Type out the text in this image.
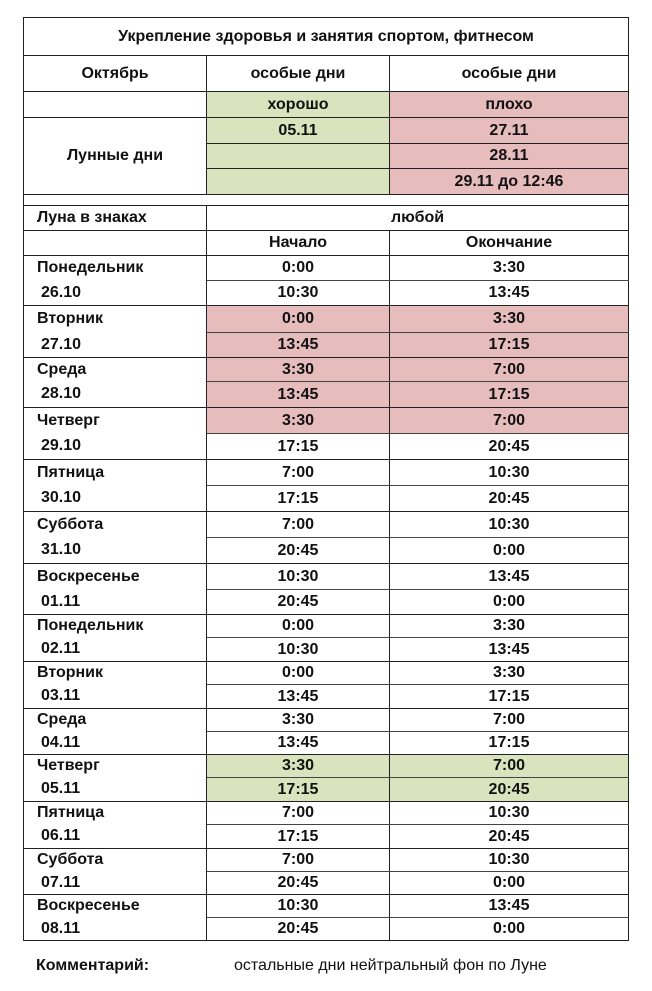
Укрепление здоровья и занятия спортом, фитнесом		
Октябрь	особые дни	особые дни
	хорошо	плохо
Лунные дни	05.11	27.11
		28.11
		29.11 до 12:46

Луна в знаках	любой	
	Начало	Окончание
Понедельник	0:00	3:30
26.10	10:30	13:45
Вторник	0:00	3:30
27.10	13:45	17:15
Среда	3:30	7:00
28.10	13:45	17:15
Четверг	3:30	7:00
29.10	17:15	20:45
Пятница	7:00	10:30
30.10	17:15	20:45
Суббота	7:00	10:30
31.10	20:45	0:00
Воскресенье	10:30	13:45
01.11	20:45	0:00
Понедельник	0:00	3:30
02.11	10:30	13:45
Вторник	0:00	3:30
03.11	13:45	17:15
Среда	3:30	7:00
04.11	13:45	17:15
Четверг	3:30	7:00
05.11	17:15	20:45
Пятница	7:00	10:30
06.11	17:15	20:45
Суббота	7:00	10:30
07.11	20:45	0:00
Воскресенье	10:30	13:45
08.11	20:45	0:00
Комментарий:	остальные дни нейтральный фон по Луне
